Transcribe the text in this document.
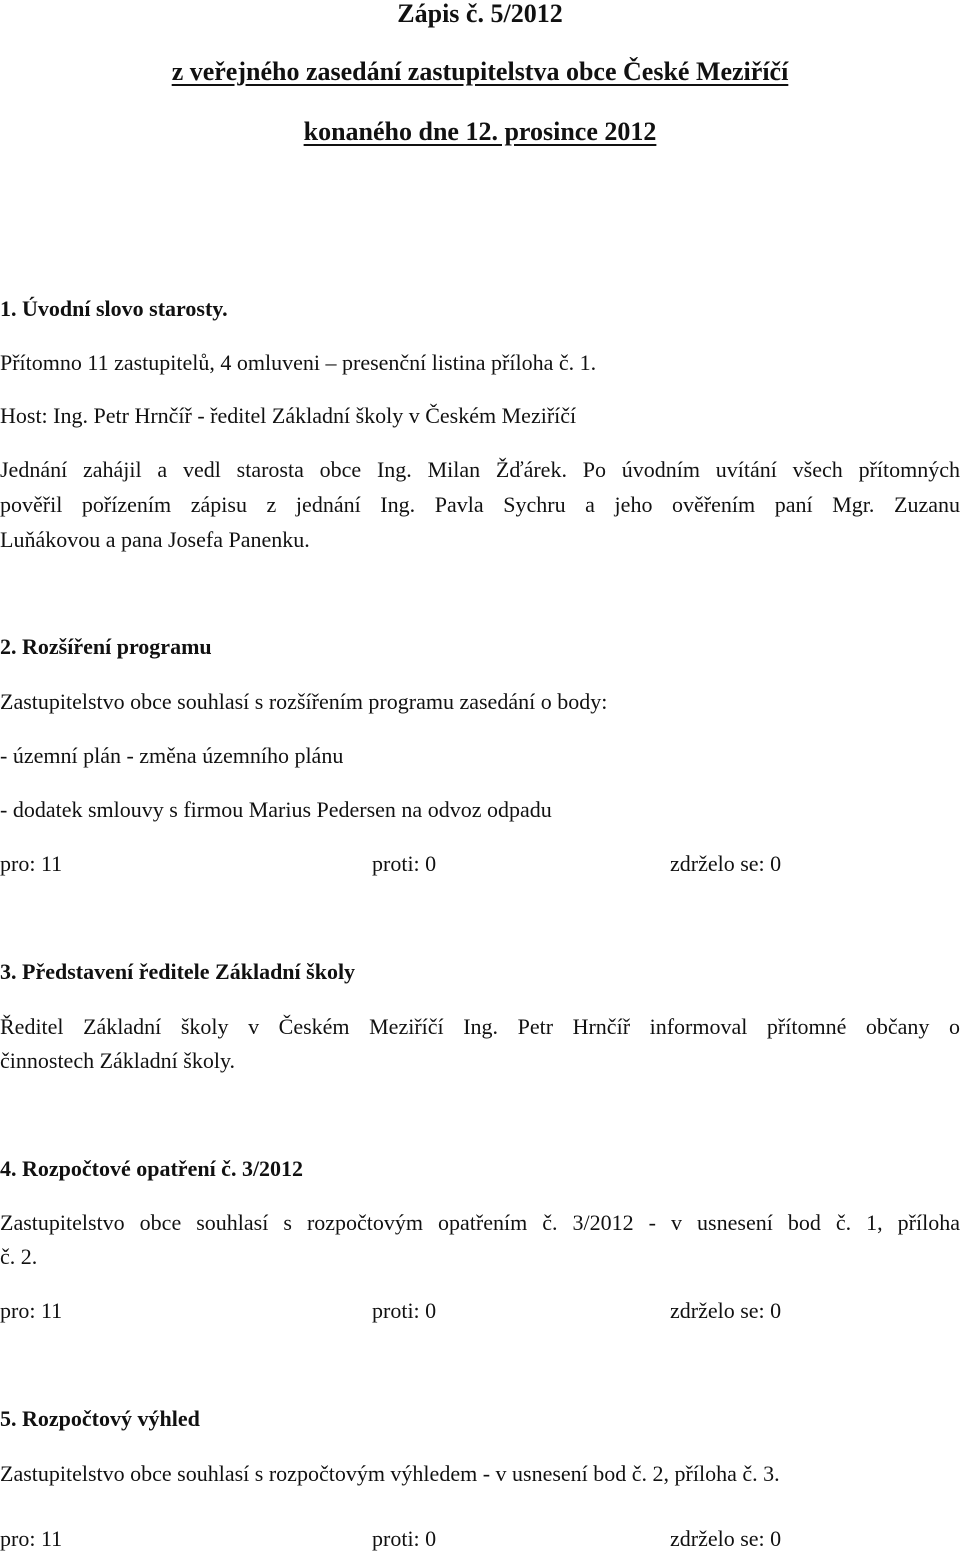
Zápis č. 5/2012
z veřejného zasedání zastupitelstva obce České Meziříčí
konaného dne 12. prosince 2012
1. Úvodní slovo starosty.
Přítomno 11 zastupitelů, 4 omluveni – presenční listina příloha č. 1.
Host: Ing. Petr Hrnčíř - ředitel Základní školy v Českém Meziříčí
Jednání zahájil a vedl starosta obce Ing. Milan Žďárek. Po úvodním uvítání všech přítomných
pověřil pořízením zápisu z jednání Ing. Pavla Sychru a jeho ověřením paní Mgr. Zuzanu
Luňákovou a pana Josefa Panenku.
2. Rozšíření programu
Zastupitelstvo obce souhlasí s rozšířením programu zasedání o body:
- územní plán - změna územního plánu
- dodatek smlouvy s firmou Marius Pedersen na odvoz odpadu
pro: 11	proti: 0	zdrželo se: 0
3. Představení ředitele Základní školy
Ředitel Základní školy v Českém Meziříčí Ing. Petr Hrnčíř informoval přítomné občany o
činnostech Základní školy.
4. Rozpočtové opatření č. 3/2012
Zastupitelstvo obce souhlasí s rozpočtovým opatřením č. 3/2012 - v usnesení bod č. 1, příloha
č. 2.
pro: 11	proti: 0	zdrželo se: 0
5. Rozpočtový výhled
Zastupitelstvo obce souhlasí s rozpočtovým výhledem - v usnesení bod č. 2, příloha č. 3.
pro: 11	proti: 0	zdrželo se: 0
